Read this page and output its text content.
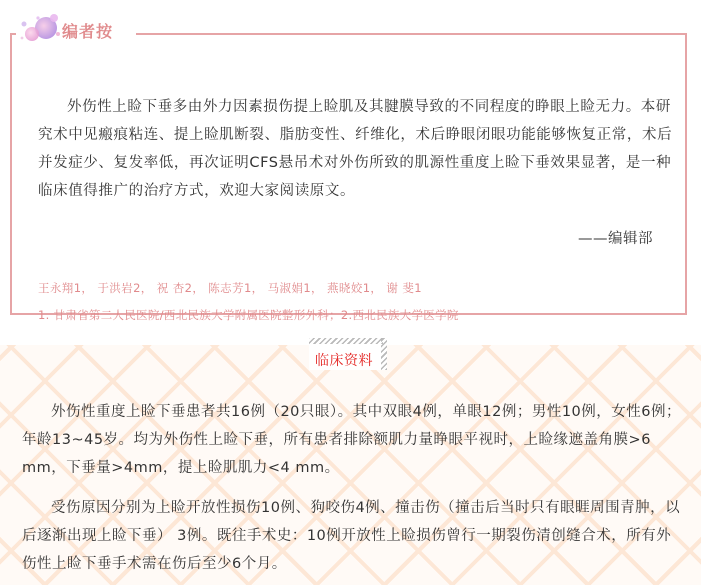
外伤性上睑下垂多由外力因素损伤提上睑肌及其腱膜导致的不同程度的睁眼上睑无力。本研究术中见瘢痕粘连、提上睑肌断裂、脂肪变性、纤维化，术后睁眼闭眼功能能够恢复正常，术后并发症少、复发率低，再次证明CFS悬吊术对外伤所致的肌源性重度上睑下垂效果显著，是一种临床值得推广的治疗方式，欢迎大家阅读原文。

——编辑部
王永翔1， 于洪岩2， 祝 杏2， 陈志芳1， 马淑娟1， 燕晓姣1， 谢 斐1
1. 甘肃省第二人民医院/西北民族大学附属医院整形外科；2.西北民族大学医学院
编者按
临床资料

外伤性重度上睑下垂患者共16例（20只眼）。其中双眼4例，单眼12例；男性10例，女性6例；年龄13~45岁。均为外伤性上睑下垂，所有患者排除额肌力量睁眼平视时，上睑缘遮盖角膜>6 mm，下垂量>4mm，提上睑肌肌力<4 mm。

受伤原因分别为上睑开放性损伤10例、狗咬伤4例、撞击伤（撞击后当时只有眼睚周围青肿，以后逐渐出现上睑下垂） 3例。既往手术史：10例开放性上睑损伤曾行一期裂伤清创缝合术，所有外伤性上睑下垂手术需在伤后至少6个月。
